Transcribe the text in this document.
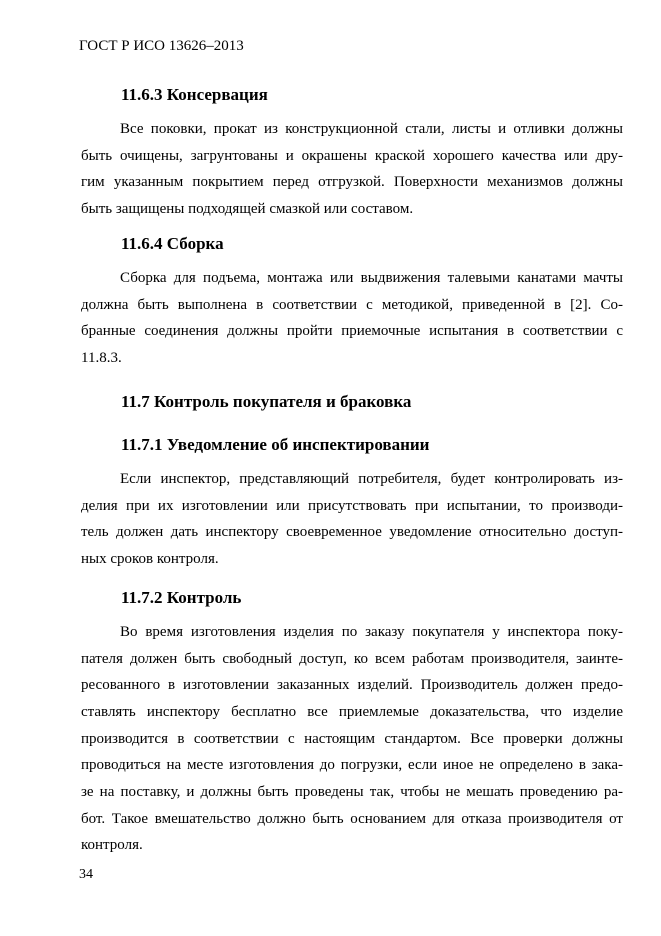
ГОСТ Р ИСО 13626–2013
11.6.3 Консервация
Все поковки, прокат из конструкционной стали, листы и отливки должны
быть очищены, загрунтованы и окрашены краской хорошего качества или дру-
гим указанным покрытием перед отгрузкой. Поверхности механизмов должны
быть защищены подходящей смазкой или составом.
11.6.4 Сборка
Сборка для подъема, монтажа или выдвижения талевыми канатами мачты
должна быть выполнена в соответствии с методикой, приведенной в [2]. Со-
бранные соединения должны пройти приемочные испытания в соответствии с
11.8.3.
11.7 Контроль покупателя и браковка
11.7.1 Уведомление об инспектировании
Если инспектор, представляющий потребителя, будет контролировать из-
делия при их изготовлении или присутствовать при испытании, то производи-
тель должен дать инспектору своевременное уведомление относительно доступ-
ных сроков контроля.
11.7.2 Контроль
Во время изготовления изделия по заказу покупателя у инспектора поку-
пателя должен быть свободный доступ, ко всем работам производителя, заинте-
ресованного в изготовлении заказанных изделий. Производитель должен предо-
ставлять инспектору бесплатно все приемлемые доказательства, что изделие
производится в соответствии с настоящим стандартом. Все проверки должны
проводиться на месте изготовления до погрузки, если иное не определено в зака-
зе на поставку, и должны быть проведены так, чтобы не мешать проведению ра-
бот. Такое вмешательство должно быть основанием для отказа производителя от
контроля.
34
